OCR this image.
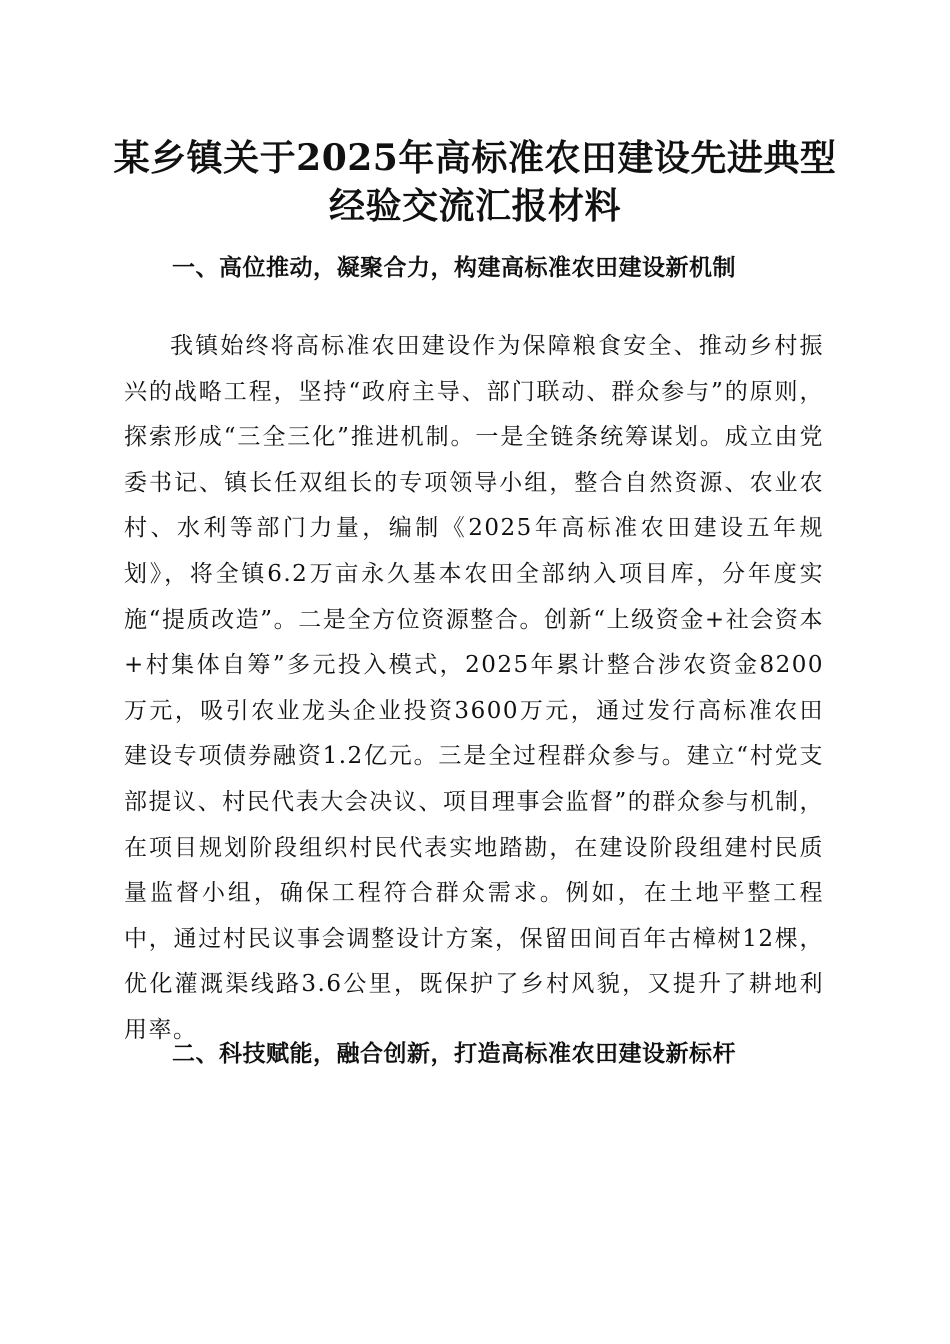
某乡镇关于2025年高标准农田建设先进典型
经验交流汇报材料
一、高位推动，凝聚合力，构建高标准农田建设新机制

我镇始终将高标准农田建设作为保障粮食安全、推动乡村振兴的战略工程，坚持“政府主导、部门联动、群众参与”的原则，探索形成“三全三化”推进机制。一是全链条统筹谋划。成立由党委书记、镇长任双组长的专项领导小组，整合自然资源、农业农村、水利等部门力量，编制《2025年高标准农田建设五年规划》，将全镇6.2万亩永久基本农田全部纳入项目库，分年度实施“提质改造”。二是全方位资源整合。创新“上级资金+社会资本+村集体自筹”多元投入模式，2025年累计整合涉农资金8200万元，吸引农业龙头企业投资3600万元，通过发行高标准农田建设专项债券融资1.2亿元。三是全过程群众参与。建立“村党支部提议、村民代表大会决议、项目理事会监督”的群众参与机制，在项目规划阶段组织村民代表实地踏勘，在建设阶段组建村民质量监督小组，确保工程符合群众需求。例如，在土地平整工程中，通过村民议事会调整设计方案，保留田间百年古樟树12棵，优化灌溉渠线路3.6公里，既保护了乡村风貌，又提升了耕地利用率。

二、科技赋能，融合创新，打造高标准农田建设新标杆
